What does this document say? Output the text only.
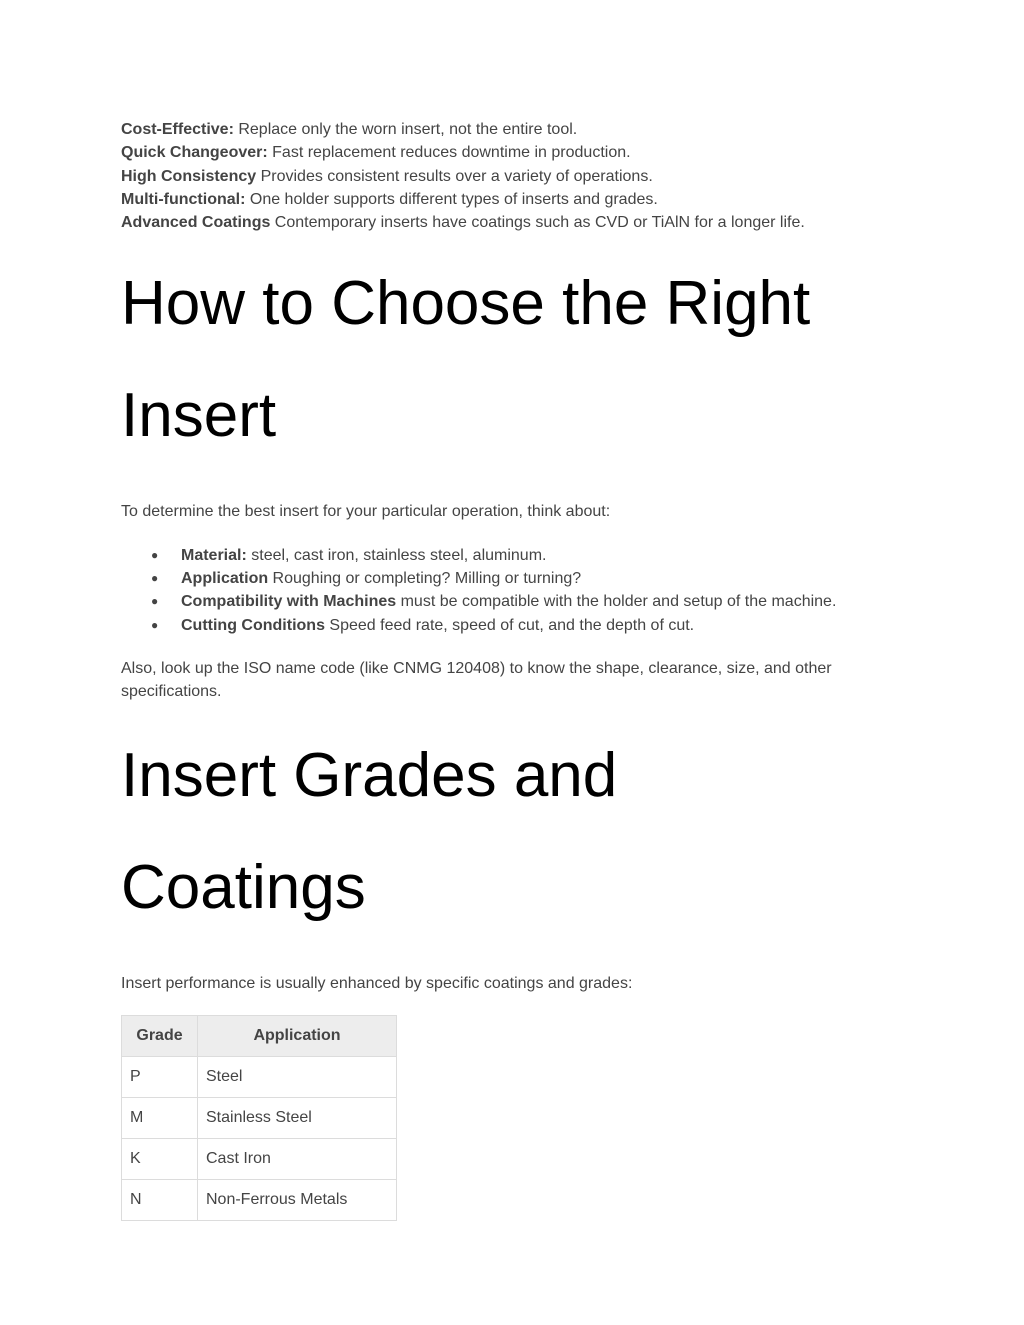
Cost-Effective: Replace only the worn insert, not the entire tool.
Quick Changeover: Fast replacement reduces downtime in production.
High Consistency Provides consistent results over a variety of operations.
Multi-functional: One holder supports different types of inserts and grades.
Advanced Coatings Contemporary inserts have coatings such as CVD or TiAlN for a longer life.
How to Choose the Right
Insert

To determine the best insert for your particular operation, think about:

● Material: steel, cast iron, stainless steel, aluminum.
● Application Roughing or completing? Milling or turning?
● Compatibility with Machines must be compatible with the holder and setup of the machine.
● Cutting Conditions Speed feed rate, speed of cut, and the depth of cut.

Also, look up the ISO name code (like CNMG 120408) to know the shape, clearance, size, and other specifications.

Insert Grades and
Coatings

Insert performance is usually enhanced by specific coatings and grades:

Grade	Application
P	Steel
M	Stainless Steel
K	Cast Iron
N	Non-Ferrous Metals
